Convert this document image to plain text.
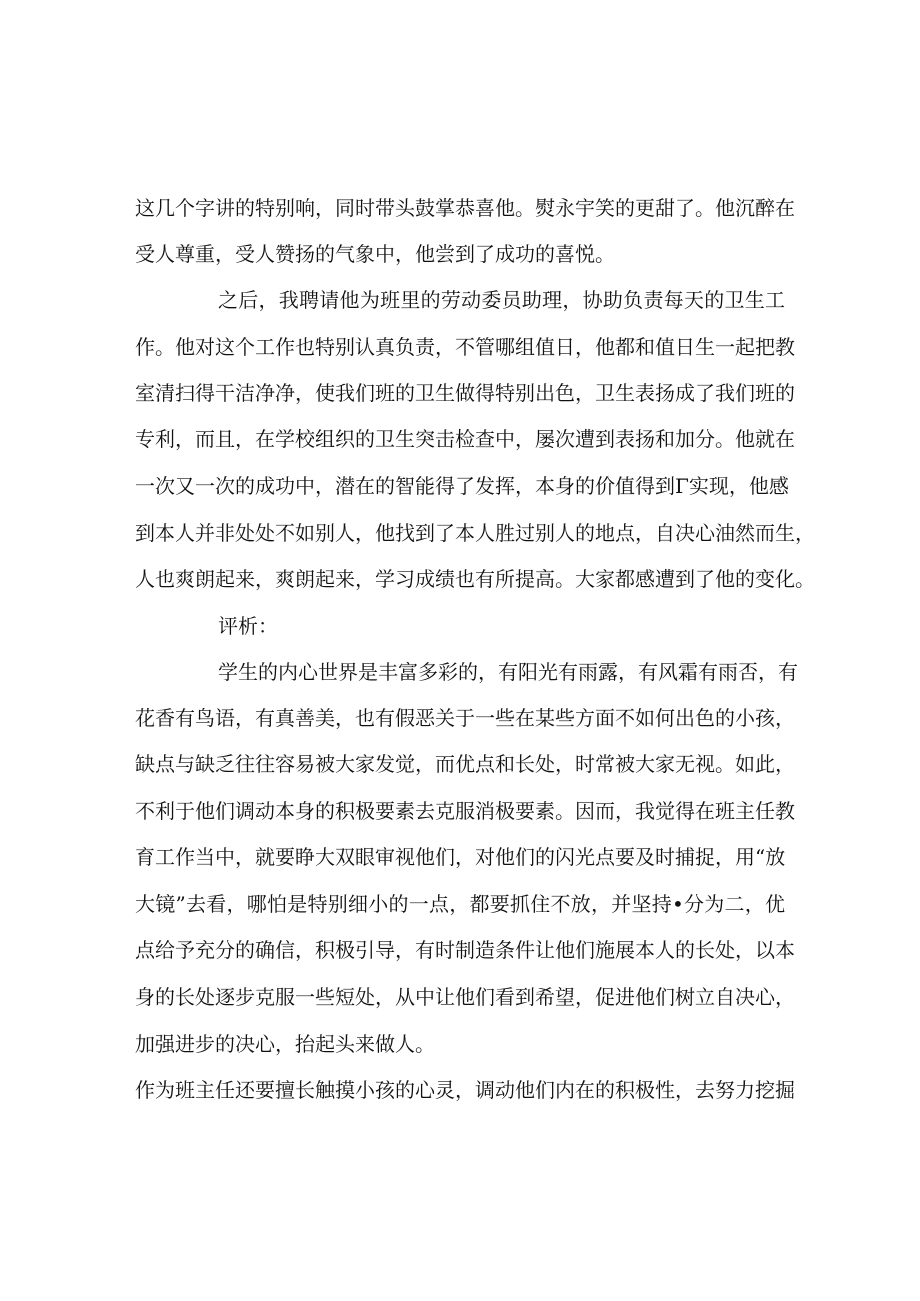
这几个字讲的特别响，同时带头鼓掌恭喜他。熨永宇笑的更甜了。他沉醉在
受人尊重，受人赞扬的气象中，他尝到了成功的喜悦。
之后，我聘请他为班里的劳动委员助理，协助负责每天的卫生工
作。他对这个工作也特别认真负责，不管哪组值日，他都和值日生一起把教
室清扫得干洁净净，使我们班的卫生做得特别出色，卫生表扬成了我们班的
专利，而且，在学校组织的卫生突击检查中，屡次遭到表扬和加分。他就在
一次又一次的成功中，潜在的智能得了发挥，本身的价值得到Γ实现，他感
到本人并非处处不如别人，他找到了本人胜过别人的地点，自决心油然而生，
人也爽朗起来，爽朗起来，学习成绩也有所提高。大家都感遭到了他的变化。
评析：
学生的内心世界是丰富多彩的，有阳光有雨露，有风霜有雨否，有
花香有鸟语，有真善美，也有假恶关于一些在某些方面不如何出色的小孩，
缺点与缺乏往往容易被大家发觉，而优点和长处，时常被大家无视。如此，
不利于他们调动本身的积极要素去克服消极要素。因而，我觉得在班主任教
育工作当中，就要睁大双眼审视他们，对他们的闪光点要及时捕捉，用“放
大镜”去看，哪怕是特别细小的一点，都要抓住不放，并坚持•分为二，优
点给予充分的确信，积极引导，有时制造条件让他们施展本人的长处，以本
身的长处逐步克服一些短处，从中让他们看到希望，促进他们树立自决心，
加强进步的决心，抬起头来做人。
作为班主任还要擅长触摸小孩的心灵，调动他们内在的积极性，去努力挖掘
